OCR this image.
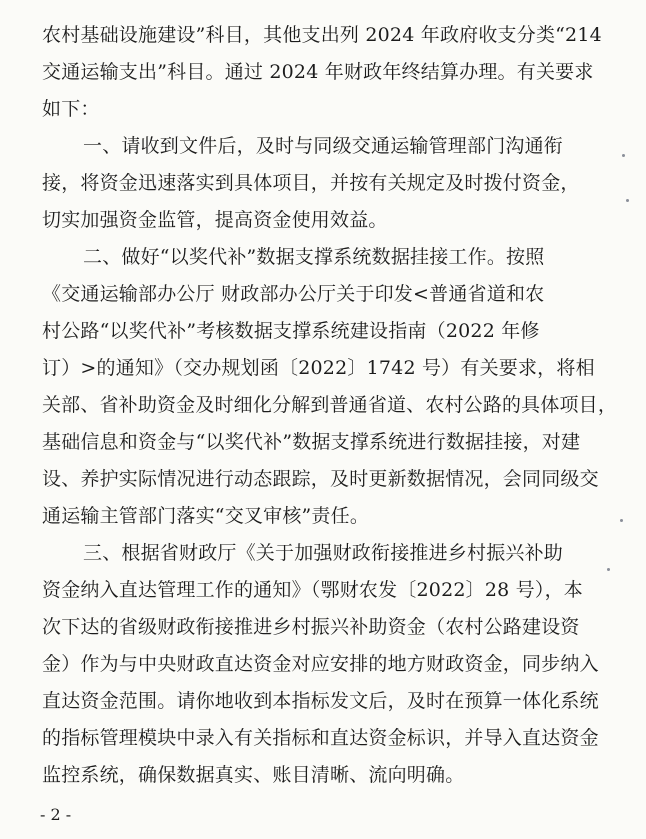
农村基础设施建设”科目，其他支出列 2024 年政府收支分类“214
交通运输支出”科目。通过 2024 年财政年终结算办理。有关要求
如下：
一、请收到文件后，及时与同级交通运输管理部门沟通衔
接，将资金迅速落实到具体项目，并按有关规定及时拨付资金，
切实加强资金监管，提高资金使用效益。
二、做好“以奖代补”数据支撑系统数据挂接工作。按照
《交通运输部办公厅 财政部办公厅关于印发<普通省道和农
村公路“以奖代补”考核数据支撑系统建设指南（2022 年修
订）>的通知》（交办规划函〔2022〕1742 号）有关要求，将相
关部、省补助资金及时细化分解到普通省道、农村公路的具体项目，
基础信息和资金与“以奖代补”数据支撑系统进行数据挂接，对建
设、养护实际情况进行动态跟踪，及时更新数据情况，会同同级交
通运输主管部门落实“交叉审核”责任。
三、根据省财政厅《关于加强财政衔接推进乡村振兴补助
资金纳入直达管理工作的通知》（鄂财农发〔2022〕28 号），本
次下达的省级财政衔接推进乡村振兴补助资金（农村公路建设资
金）作为与中央财政直达资金对应安排的地方财政资金，同步纳入
直达资金范围。请你地收到本指标发文后，及时在预算一体化系统
的指标管理模块中录入有关指标和直达资金标识，并导入直达资金
监控系统，确保数据真实、账目清晰、流向明确。
- 2 -
